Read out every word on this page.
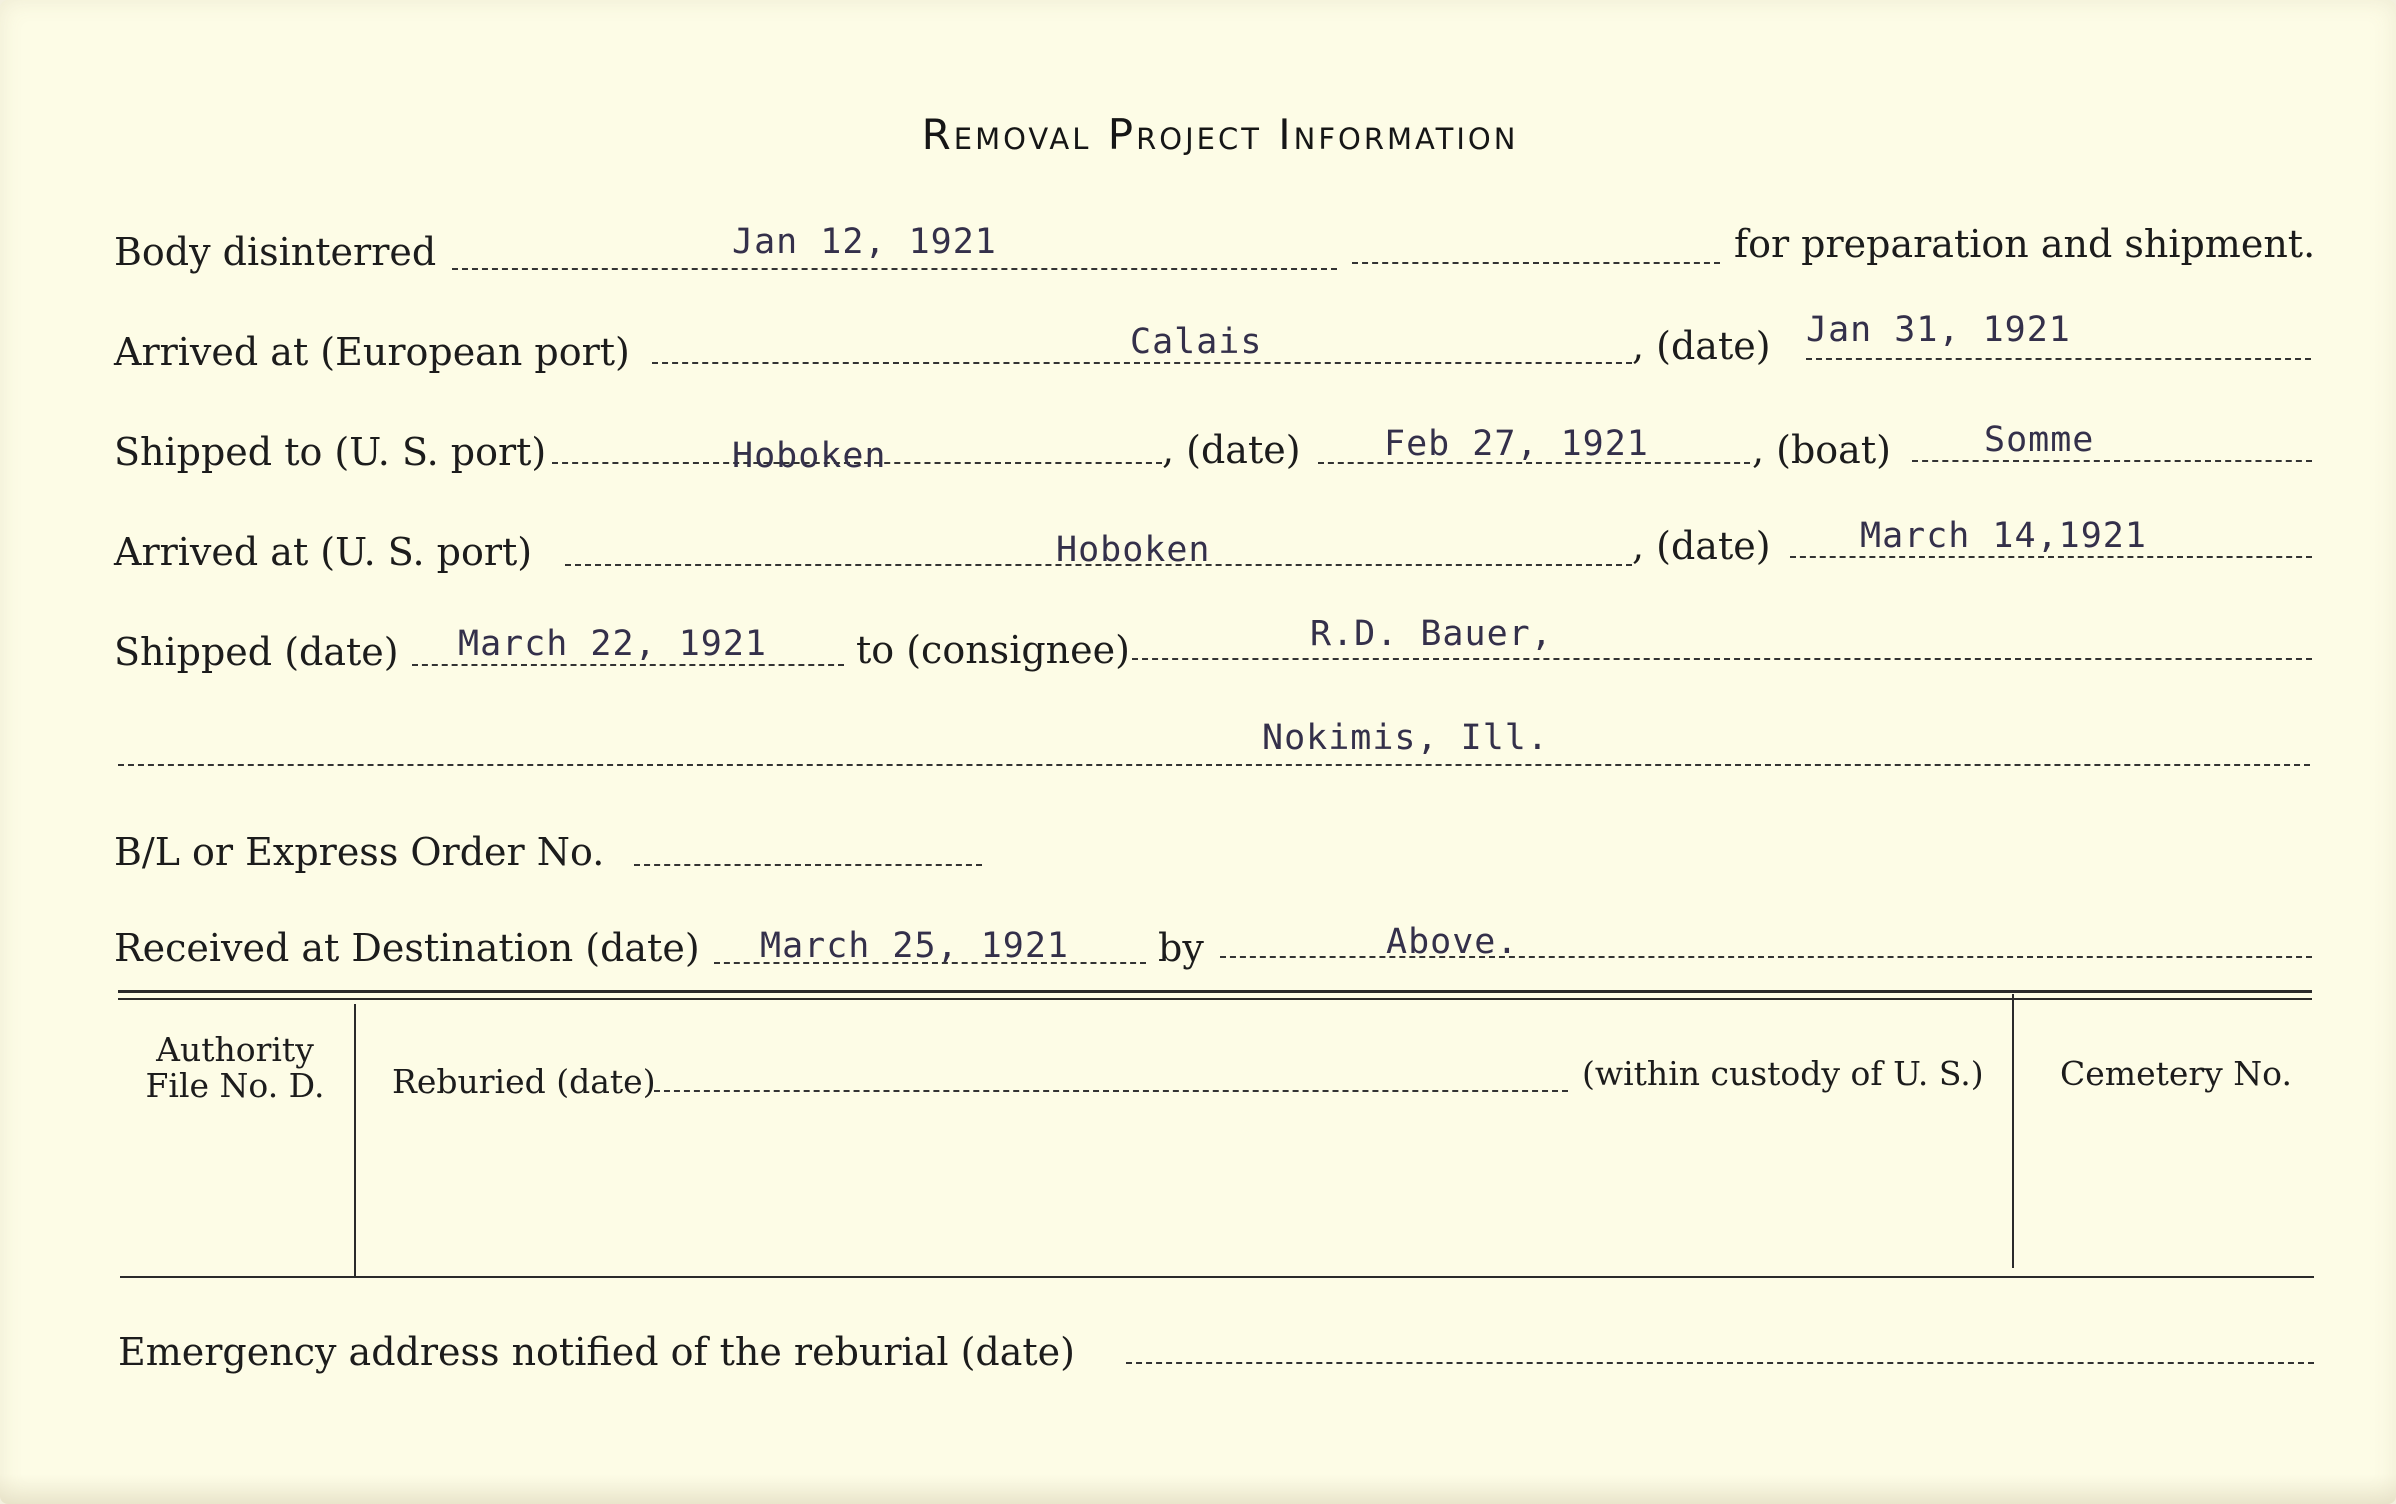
Removal Project Information
Body disinterred	Jan 12, 1921	for preparation and shipment.
Arrived at (European port)	Calais	, (date) Jan 31, 1921
Shipped to (U. S. port)	Hoboken	, (date) Feb 27, 1921	, (boat)	Somme
Arrived at (U. S. port)	Hoboken	, (date)	March 14,1921
Shipped (date) March 22, 1921 to (consignee)	R.D. Bauer,
Nokimis, Ill.
B/L or Express Order No.
Received at Destination (date) March 25, 1921 by	Above.
Authority
File No. D.	Reburied (date)	(within custody of U. S.) Cemetery No.
Emergency address notified of the reburial (date)
